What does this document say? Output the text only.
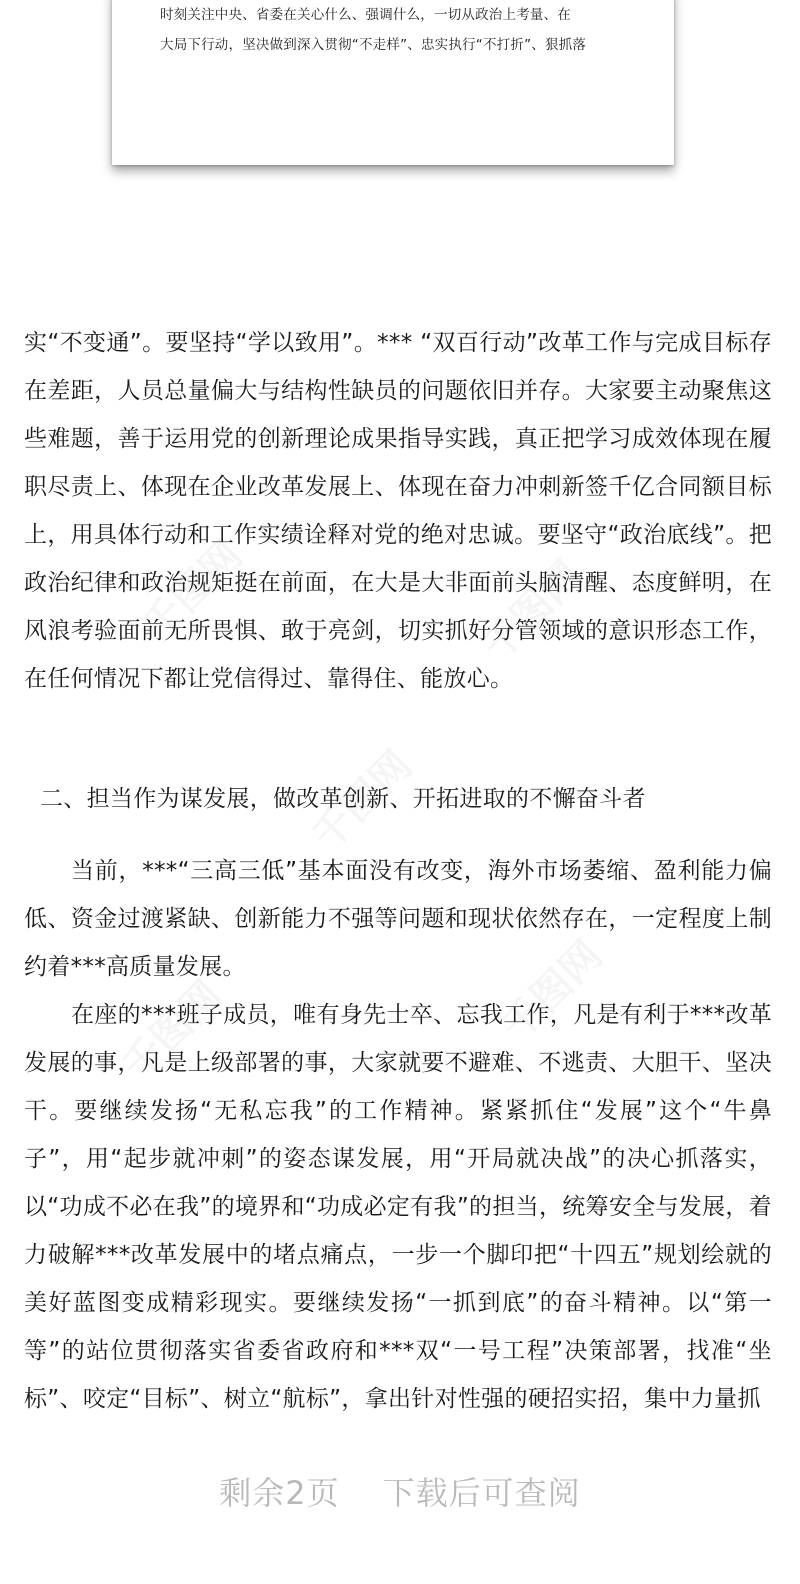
千图网	千图网
千图网
千图网	千图网
时刻关注中央、省委在关心什么、强调什么，一切从政治上考量、在
大局下行动，坚决做到深入贯彻“不走样”、忠实执行“不打折”、狠抓落

实“不变通”。要坚持“学以致用”。*** “双百行动”改革工作与完成目标存在差距，人员总量偏大与结构性缺员的问题依旧并存。大家要主动聚焦这些难题，善于运用党的创新理论成果指导实践，真正把学习成效体现在履职尽责上、体现在企业改革发展上、体现在奋力冲刺新签千亿合同额目标上，用具体行动和工作实绩诠释对党的绝对忠诚。要坚守“政治底线”。把政治纪律和政治规矩挺在前面，在大是大非面前头脑清醒、态度鲜明，在风浪考验面前无所畏惧、敢于亮剑，切实抓好分管领域的意识形态工作，在任何情况下都让党信得过、靠得住、能放心。

二、担当作为谋发展，做改革创新、开拓进取的不懈奋斗者

当前，***“三高三低”基本面没有改变，海外市场萎缩、盈利能力偏低、资金过渡紧缺、创新能力不强等问题和现状依然存在，一定程度上制约着***高质量发展。

在座的***班子成员，唯有身先士卒、忘我工作，凡是有利于***改革发展的事，凡是上级部署的事，大家就要不避难、不逃责、大胆干、坚决干。要继续发扬“无私忘我”的工作精神。紧紧抓住“发展”这个“牛鼻子”，用“起步就冲刺”的姿态谋发展，用“开局就决战”的决心抓落实，以“功成不必在我”的境界和“功成必定有我”的担当，统筹安全与发展，着力破解***改革发展中的堵点痛点，一步一个脚印把“十四五”规划绘就的美好蓝图变成精彩现实。要继续发扬“一抓到底”的奋斗精神。以“第一等”的站位贯彻落实省委省政府和***双“一号工程”决策部署，找准“坐标”、咬定“目标”、树立“航标”，拿出针对性强的硬招实招，集中力量抓

剩余2页 下载后可查阅
